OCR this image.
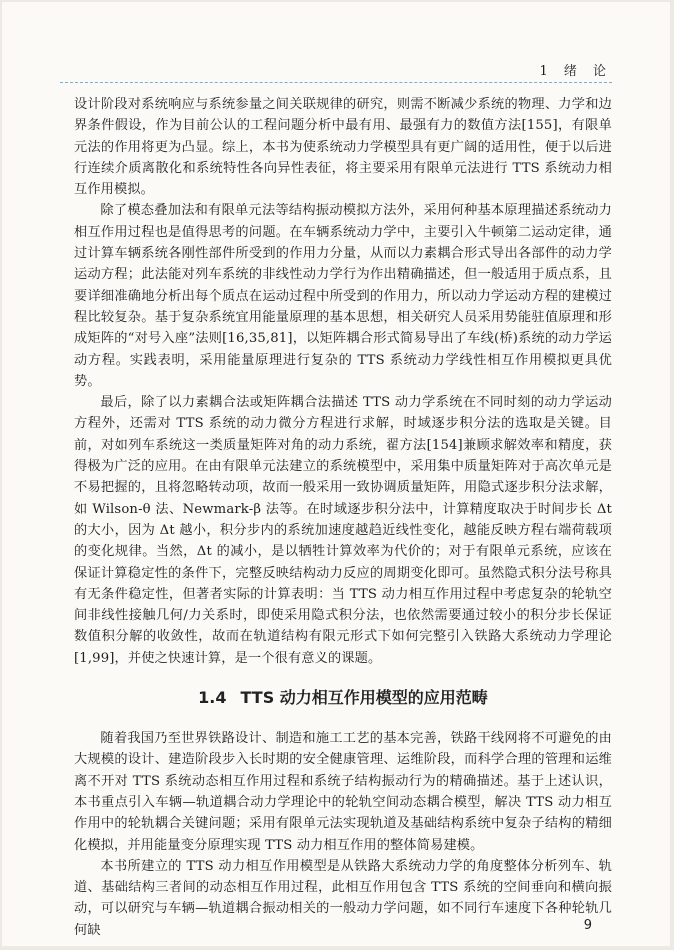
1 绪 论

设计阶段对系统响应与系统参量之间关联规律的研究，则需不断减少系统的物理、力学和边界条件假设，作为目前公认的工程问题分析中最有用、最强有力的数值方法[155]，有限单元法的作用将更为凸显。综上，本书为使系统动力学模型具有更广阔的适用性，便于以后进行连续介质离散化和系统特性各向异性表征，将主要采用有限单元法进行 TTS 系统动力相互作用模拟。

除了模态叠加法和有限单元法等结构振动模拟方法外，采用何种基本原理描述系统动力相互作用过程也是值得思考的问题。在车辆系统动力学中，主要引入牛顿第二运动定律，通过计算车辆系统各刚性部件所受到的作用力分量，从而以力素耦合形式导出各部件的动力学运动方程；此法能对列车系统的非线性动力学行为作出精确描述，但一般适用于质点系，且要详细准确地分析出每个质点在运动过程中所受到的作用力，所以动力学运动方程的建模过程比较复杂。基于复杂系统宜用能量原理的基本思想，相关研究人员采用势能驻值原理和形成矩阵的“对号入座”法则[16,35,81]，以矩阵耦合形式简易导出了车线(桥)系统的动力学运动方程。实践表明，采用能量原理进行复杂的 TTS 系统动力学线性相互作用模拟更具优势。

最后，除了以力素耦合法或矩阵耦合法描述 TTS 动力学系统在不同时刻的动力学运动方程外，还需对 TTS 系统的动力微分方程进行求解，时域逐步积分法的选取是关键。目前，对如列车系统这一类质量矩阵对角的动力系统，翟方法[154]兼顾求解效率和精度，获得极为广泛的应用。在由有限单元法建立的系统模型中，采用集中质量矩阵对于高次单元是不易把握的，且将忽略转动项，故而一般采用一致协调质量矩阵，用隐式逐步积分法求解，如 Wilson-θ 法、Newmark-β 法等。在时域逐步积分法中，计算精度取决于时间步长 Δt 的大小，因为 Δt 越小，积分步内的系统加速度越趋近线性变化，越能反映方程右端荷载项的变化规律。当然，Δt 的减小，是以牺牲计算效率为代价的；对于有限单元系统，应该在保证计算稳定性的条件下，完整反映结构动力反应的周期变化即可。虽然隐式积分法号称具有无条件稳定性，但著者实际的计算表明：当 TTS 动力相互作用过程中考虑复杂的轮轨空间非线性接触几何/力关系时，即使采用隐式积分法，也依然需要通过较小的积分步长保证数值积分解的收敛性，故而在轨道结构有限元形式下如何完整引入铁路大系统动力学理论[1,99]，并使之快速计算，是一个很有意义的课题。

1.4 TTS 动力相互作用模型的应用范畴

随着我国乃至世界铁路设计、制造和施工工艺的基本完善，铁路干线网将不可避免的由大规模的设计、建造阶段步入长时期的安全健康管理、运维阶段，而科学合理的管理和运维离不开对 TTS 系统动态相互作用过程和系统子结构振动行为的精确描述。基于上述认识，本书重点引入车辆—轨道耦合动力学理论中的轮轨空间动态耦合模型，解决 TTS 动力相互作用中的轮轨耦合关键问题；采用有限单元法实现轨道及基础结构系统中复杂子结构的精细化模拟，并用能量变分原理实现 TTS 动力相互作用的整体简易建模。

本书所建立的 TTS 动力相互作用模型是从铁路大系统动力学的角度整体分析列车、轨道、基础结构三者间的动态相互作用过程，此相互作用包含 TTS 系统的空间垂向和横向振动，可以研究与车辆—轨道耦合振动相关的一般动力学问题，如不同行车速度下各种轮轨几何缺	9
